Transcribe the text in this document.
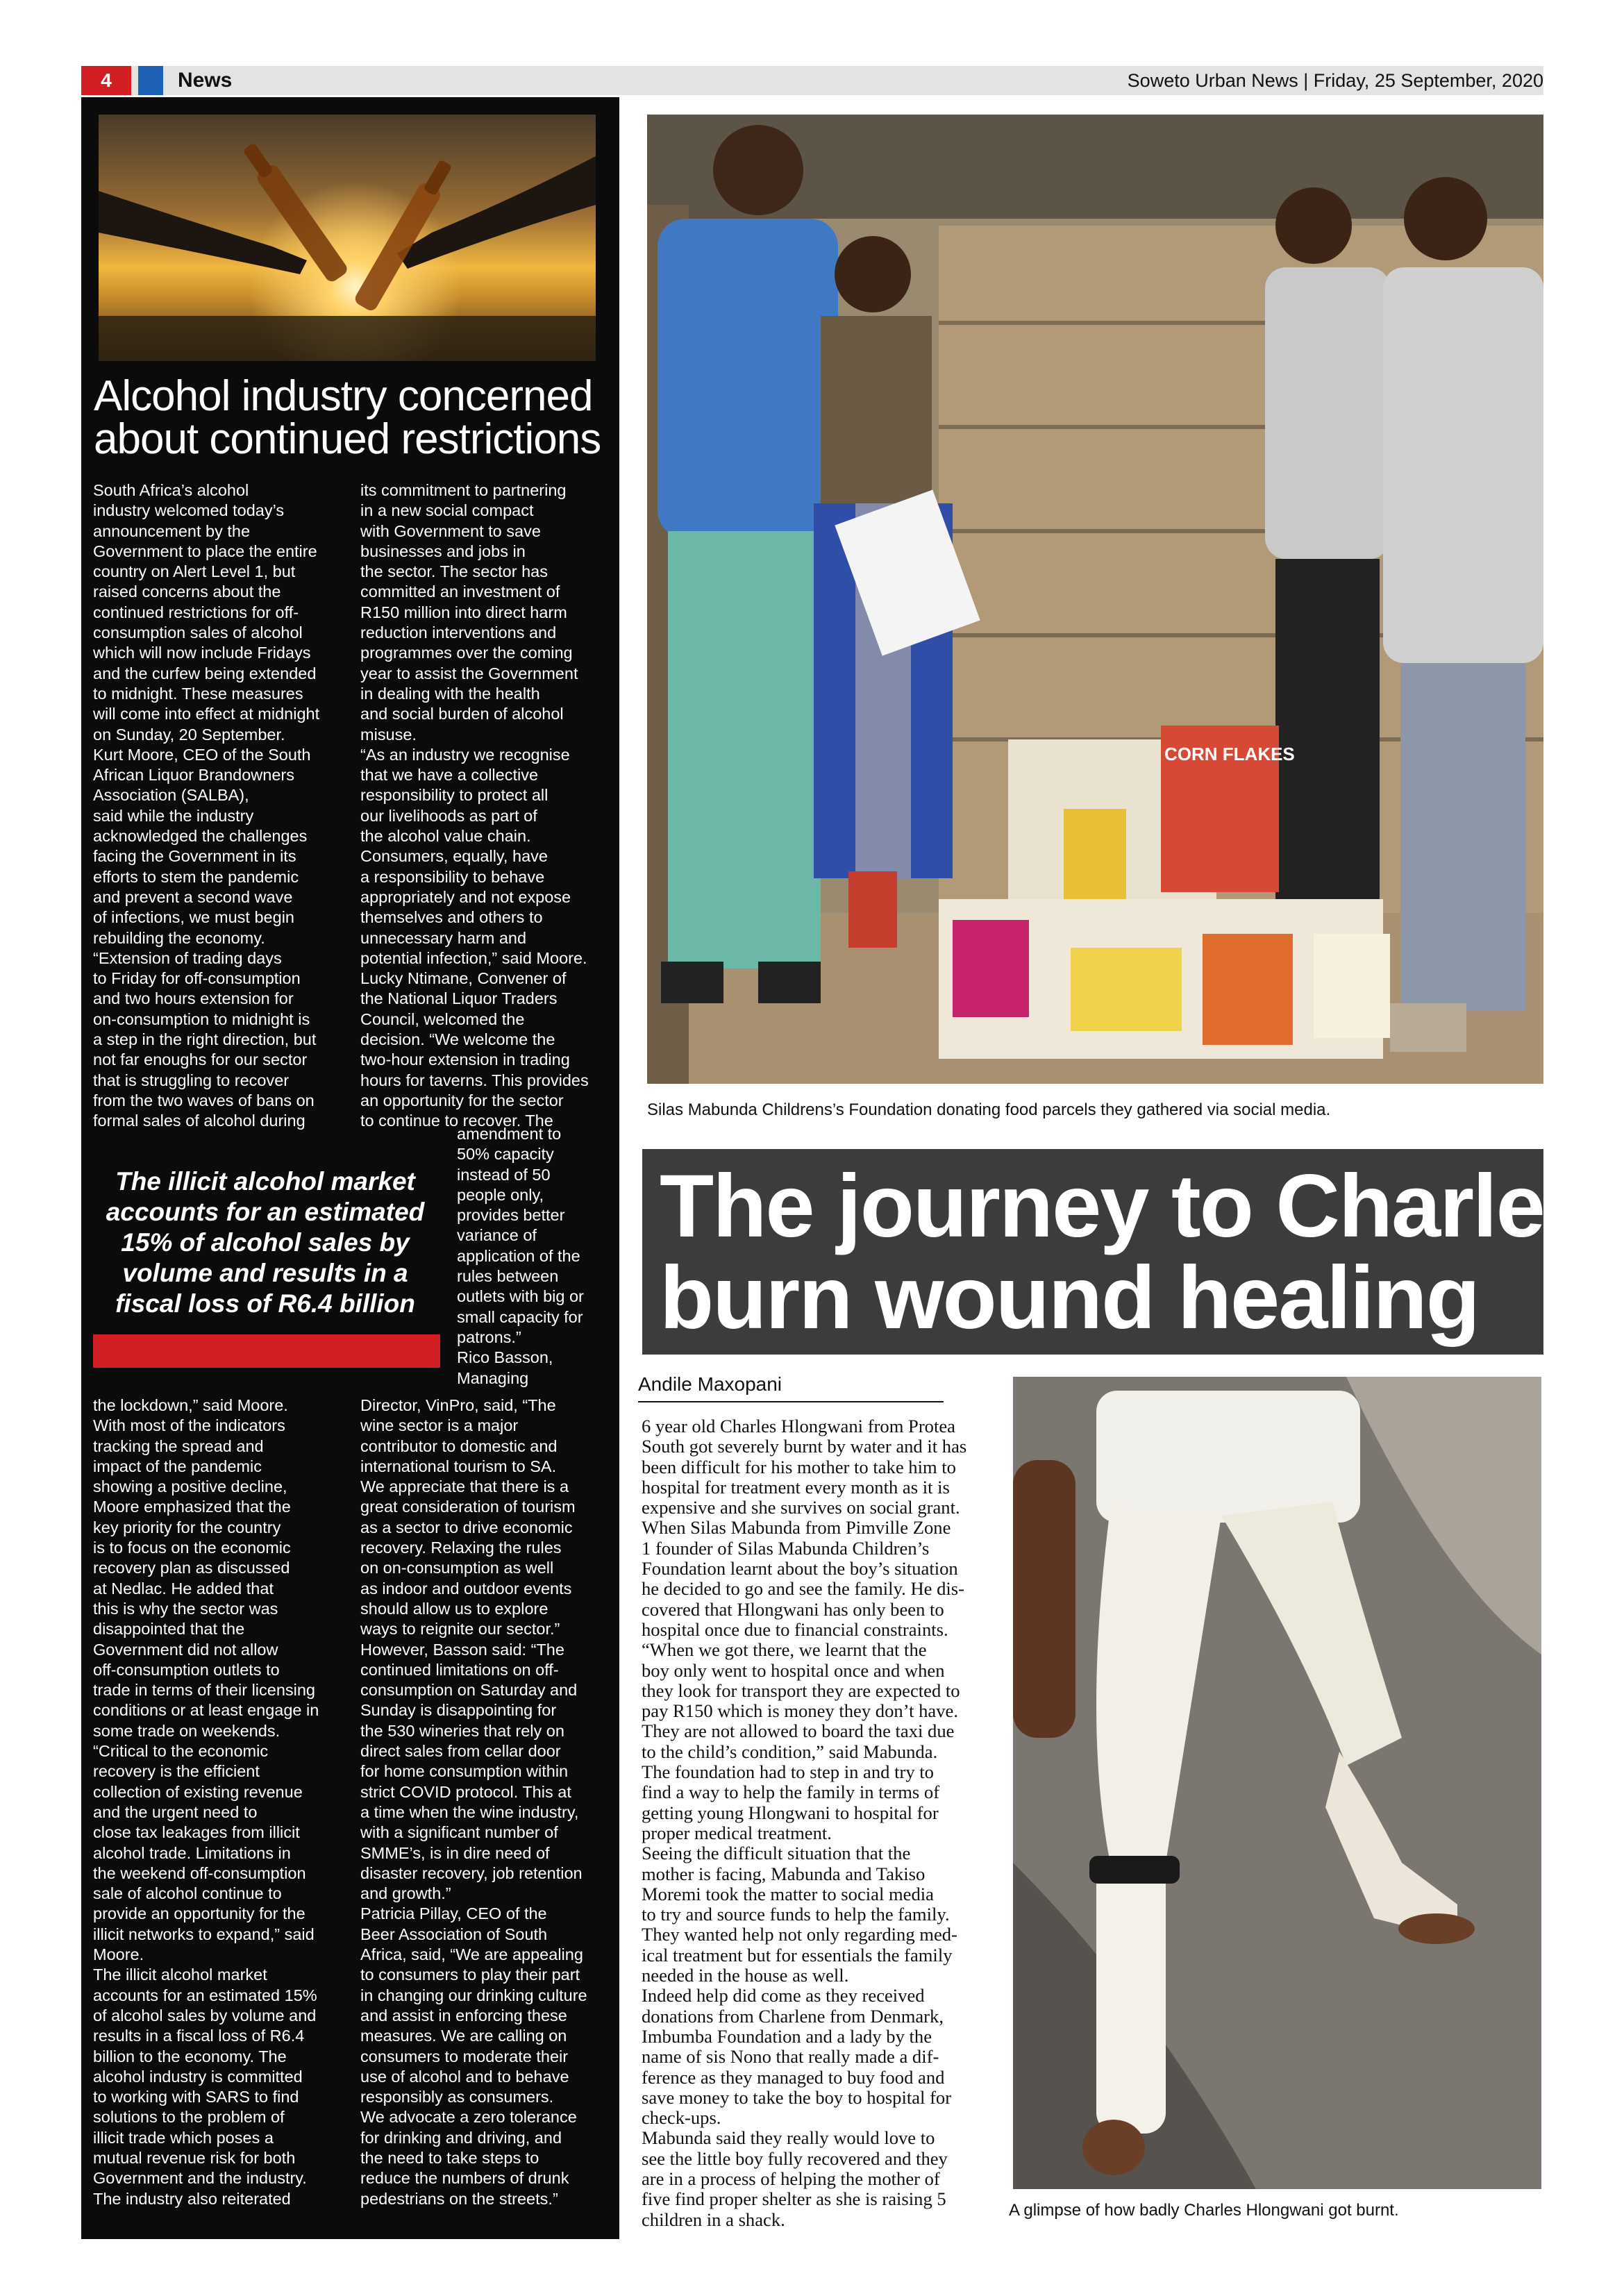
4	News	Soweto Urban News | Friday, 25 September, 2020
Alcohol industry concerned
about continued restrictions
South Africa’s alcohol
industry welcomed today’s
announcement by the
Government to place the entire
country on Alert Level 1, but
raised concerns about the
continued restrictions for off-
consumption sales of alcohol
which will now include Fridays
and the curfew being extended
to midnight. These measures
will come into effect at midnight
on Sunday, 20 September.
Kurt Moore, CEO of the South
African Liquor Brandowners
Association (SALBA),
said while the industry
acknowledged the challenges
facing the Government in its
efforts to stem the pandemic
and prevent a second wave
of infections, we must begin
rebuilding the economy.
“Extension of trading days
to Friday for off-consumption
and two hours extension for
on-consumption to midnight is
a step in the right direction, but
not far enoughs for our sector
that is struggling to recover
from the two waves of bans on
formal sales of alcohol during
its commitment to partnering
in a new social compact
with Government to save
businesses and jobs in
the sector. The sector has
committed an investment of
R150 million into direct harm
reduction interventions and
programmes over the coming
year to assist the Government
in dealing with the health
and social burden of alcohol
misuse.
“As an industry we recognise
that we have a collective
responsibility to protect all
our livelihoods as part of
the alcohol value chain.
Consumers, equally, have
a responsibility to behave
appropriately and not expose
themselves and others to
unnecessary harm and
potential infection,” said Moore.
Lucky Ntimane, Convener of
the National Liquor Traders
Council, welcomed the
decision. “We welcome the
two-hour extension in trading
hours for taverns. This provides
an opportunity for the sector
to continue to recover. The
amendment to
50% capacity
instead of 50
people only,
provides better
variance of
application of the
rules between
outlets with big or
small capacity for
patrons.”
Rico Basson,
Managing
The illicit alcohol market
accounts for an estimated
15% of alcohol sales by
volume and results in a
fiscal loss of R6.4 billion
the lockdown,” said Moore.
With most of the indicators
tracking the spread and
impact of the pandemic
showing a positive decline,
Moore emphasized that the
key priority for the country
is to focus on the economic
recovery plan as discussed
at Nedlac. He added that
this is why the sector was
disappointed that the
Government did not allow
off-consumption outlets to
trade in terms of their licensing
conditions or at least engage in
some trade on weekends.
“Critical to the economic
recovery is the efficient
collection of existing revenue
and the urgent need to
close tax leakages from illicit
alcohol trade. Limitations in
the weekend off-consumption
sale of alcohol continue to
provide an opportunity for the
illicit networks to expand,” said
Moore.
The illicit alcohol market
accounts for an estimated 15%
of alcohol sales by volume and
results in a fiscal loss of R6.4
billion to the economy. The
alcohol industry is committed
to working with SARS to find
solutions to the problem of
illicit trade which poses a
mutual revenue risk for both
Government and the industry.
The industry also reiterated
Director, VinPro, said, “The
wine sector is a major
contributor to domestic and
international tourism to SA.
We appreciate that there is a
great consideration of tourism
as a sector to drive economic
recovery. Relaxing the rules
on on-consumption as well
as indoor and outdoor events
should allow us to explore
ways to reignite our sector.”
However, Basson said: “The
continued limitations on off-
consumption on Saturday and
Sunday is disappointing for
the 530 wineries that rely on
direct sales from cellar door
for home consumption within
strict COVID protocol. This at
a time when the wine industry,
with a significant number of
SMME’s, is in dire need of
disaster recovery, job retention
and growth.”
Patricia Pillay, CEO of the
Beer Association of South
Africa, said, “We are appealing
to consumers to play their part
in changing our drinking culture
and assist in enforcing these
measures. We are calling on
consumers to moderate their
use of alcohol and to behave
responsibly as consumers.
We advocate a zero tolerance
for drinking and driving, and
the need to take steps to
reduce the numbers of drunk
pedestrians on the streets.”
CORN FLAKES
Silas Mabunda Childrens’s Foundation donating food parcels they gathered via social media.
The journey to Charles'
burn wound healing
Andile Maxopani
6 year old Charles Hlongwani from Protea
South got severely burnt by water and it has
been difficult for his mother to take him to
hospital for treatment every month as it is
expensive and she survives on social grant.
When Silas Mabunda from Pimville Zone
1 founder of Silas Mabunda Children’s
Foundation learnt about the boy’s situation
he decided to go and see the family. He dis-
covered that Hlongwani has only been to
hospital once due to financial constraints.
“When we got there, we learnt that the
boy only went to hospital once and when
they look for transport they are expected to
pay R150 which is money they don’t have.
They are not allowed to board the taxi due
to the child’s condition,” said Mabunda.
The foundation had to step in and try to
find a way to help the family in terms of
getting young Hlongwani to hospital for
proper medical treatment.
Seeing the difficult situation that the
mother is facing, Mabunda and Takiso
Moremi took the matter to social media
to try and source funds to help the family.
They wanted help not only regarding med-
ical treatment but for essentials the family
needed in the house as well.
Indeed help did come as they received
donations from Charlene from Denmark,
Imbumba Foundation and a lady by the
name of sis Nono that really made a dif-
ference as they managed to buy food and
save money to take the boy to hospital for
check-ups.
Mabunda said they really would love to
see the little boy fully recovered and they
are in a process of helping the mother of
five find proper shelter as she is raising 5
children in a shack.	A glimpse of how badly Charles Hlongwani got burnt.
